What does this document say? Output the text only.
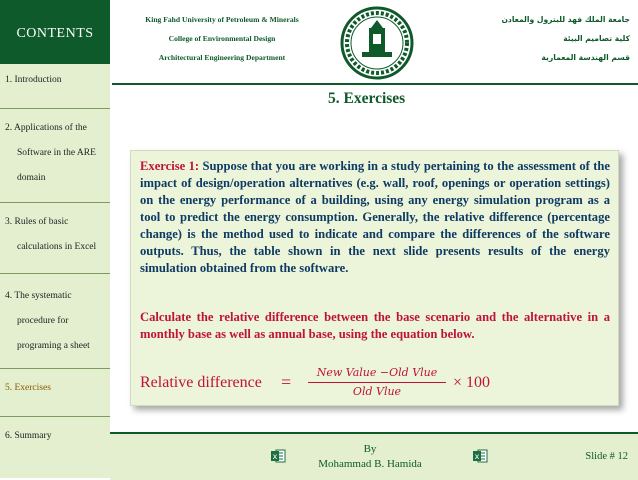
CONTENTS
1. Introduction
2. Applications of the
Software in the ARE
domain
3. Rules of basic
calculations in Excel
4. The systematic
procedure for
programing a sheet
5. Exercises
6. Summary
King Fahd University of Petroleum & Minerals
College of Environmental Design
Architectural Engineering Department
جامعة الملك فهد للبترول والمعادن
كلية تصاميم البيئة
قسم الهندسة المعمارية
5. Exercises
Exercise 1: Suppose that you are working in a study pertaining to the assessment of the impact of design/operation alternatives (e.g. wall, roof, openings or operation settings) on the energy performance of a building, using any energy simulation program as a tool to predict the energy consumption. Generally, the relative difference (percentage change) is the method used to indicate and compare the differences of the software outputs. Thus, the table shown in the next slide presents results of the energy simulation obtained from the software.
Calculate the relative difference between the base scenario and the alternative in a monthly base as well as annual base, using the equation below.
Relative difference =	New Value −Old Vlue
Old Vlue
× 100
x
By
Mohammad B. Hamida
x	Slide # 12
